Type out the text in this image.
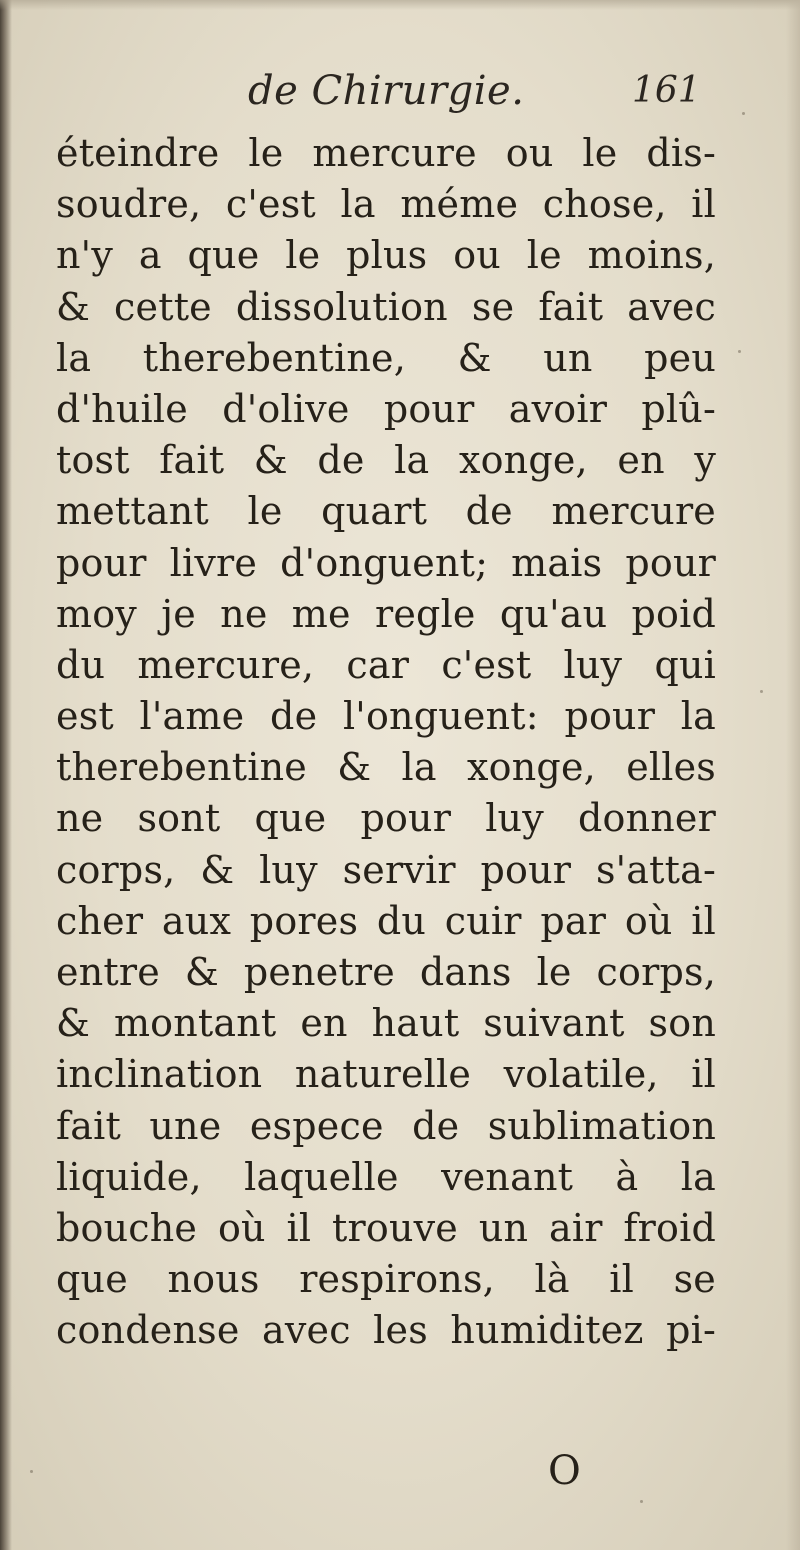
de Chirurgie.	161
éteindre le mercure ou le dis-
soudre, c'est la méme chose, il
n'y a que le plus ou le moins,
& cette dissolution se fait avec
la therebentine, & un peu
d'huile d'olive pour avoir plû-
tost fait & de la xonge, en y
mettant le quart de mercure
pour livre d'onguent; mais pour
moy je ne me regle qu'au poid
du mercure, car c'est luy qui
est l'ame de l'onguent: pour la
therebentine & la xonge, elles
ne sont que pour luy donner
corps, & luy servir pour s'atta-
cher aux pores du cuir par où il
entre & penetre dans le corps,
& montant en haut suivant son
inclination naturelle volatile, il
fait une espece de sublimation
liquide, laquelle venant à la
bouche où il trouve un air froid
que nous respirons, là il se
condense avec les humiditez pi-
O
